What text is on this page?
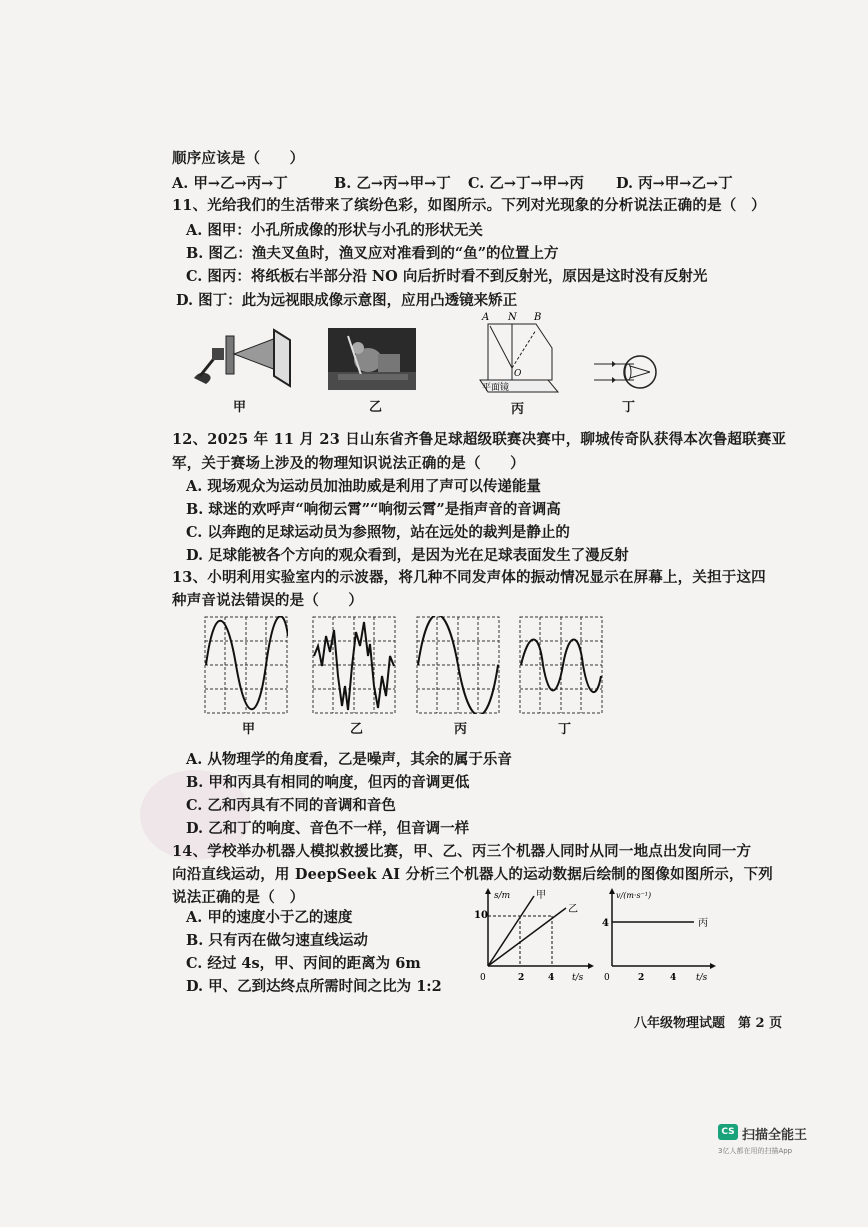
顺序应该是（　　）
A. 甲→乙→丙→丁	B. 乙→丙→甲→丁 C. 乙→丁→甲→丙 D. 丙→甲→乙→丁
11、光给我们的生活带来了缤纷色彩，如图所示。下列对光现象的分析说法正确的是（　）
A. 图甲：小孔所成像的形状与小孔的形状无关
B. 图乙：渔夫叉鱼时，渔叉应对准看到的“鱼”的位置上方
C. 图丙：将纸板右半部分沿 NO 向后折时看不到反射光，原因是这时没有反射光
D. 图丁：此为远视眼成像示意图，应用凸透镜来矫正
甲	乙
A N B
O
平面镜
丙	丁
12、2025 年 11 月 23 日山东省齐鲁足球超级联赛决赛中，聊城传奇队获得本次鲁超联赛亚
军，关于赛场上涉及的物理知识说法正确的是（　　）
A. 现场观众为运动员加油助威是利用了声可以传递能量
B. 球迷的欢呼声“响彻云霄”“响彻云霄”是指声音的音调高
C. 以奔跑的足球运动员为参照物，站在远处的裁判是静止的
D. 足球能被各个方向的观众看到，是因为光在足球表面发生了漫反射
13、小明利用实验室内的示波器，将几种不同发声体的振动情况显示在屏幕上，关担于这四
种声音说法错误的是（　　）
甲	乙	丙	丁
A. 从物理学的角度看，乙是噪声，其余的属于乐音
B. 甲和丙具有相同的响度，但丙的音调更低
C. 乙和丙具有不同的音调和音色
D. 乙和丁的响度、音色不一样，但音调一样
14、学校举办机器人模拟救援比赛，甲、乙、丙三个机器人同时从同一地点出发向同一方
向沿直线运动，用 DeepSeek AI 分析三个机器人的运动数据后绘制的图像如图所示，下列
说法正确的是（　）
A. 甲的速度小于乙的速度
B. 只有丙在做匀速直线运动
C. 经过 4s，甲、丙间的距离为 6m
D. 甲、乙到达终点所需时间之比为 1:2
s/m
10
0	2	4 t/s
甲
乙
v/(m·s⁻¹)
4
0	2	4 t/s
丙
八年级物理试题　第 2 页
CS 扫描全能王
3亿人都在用的扫描App
